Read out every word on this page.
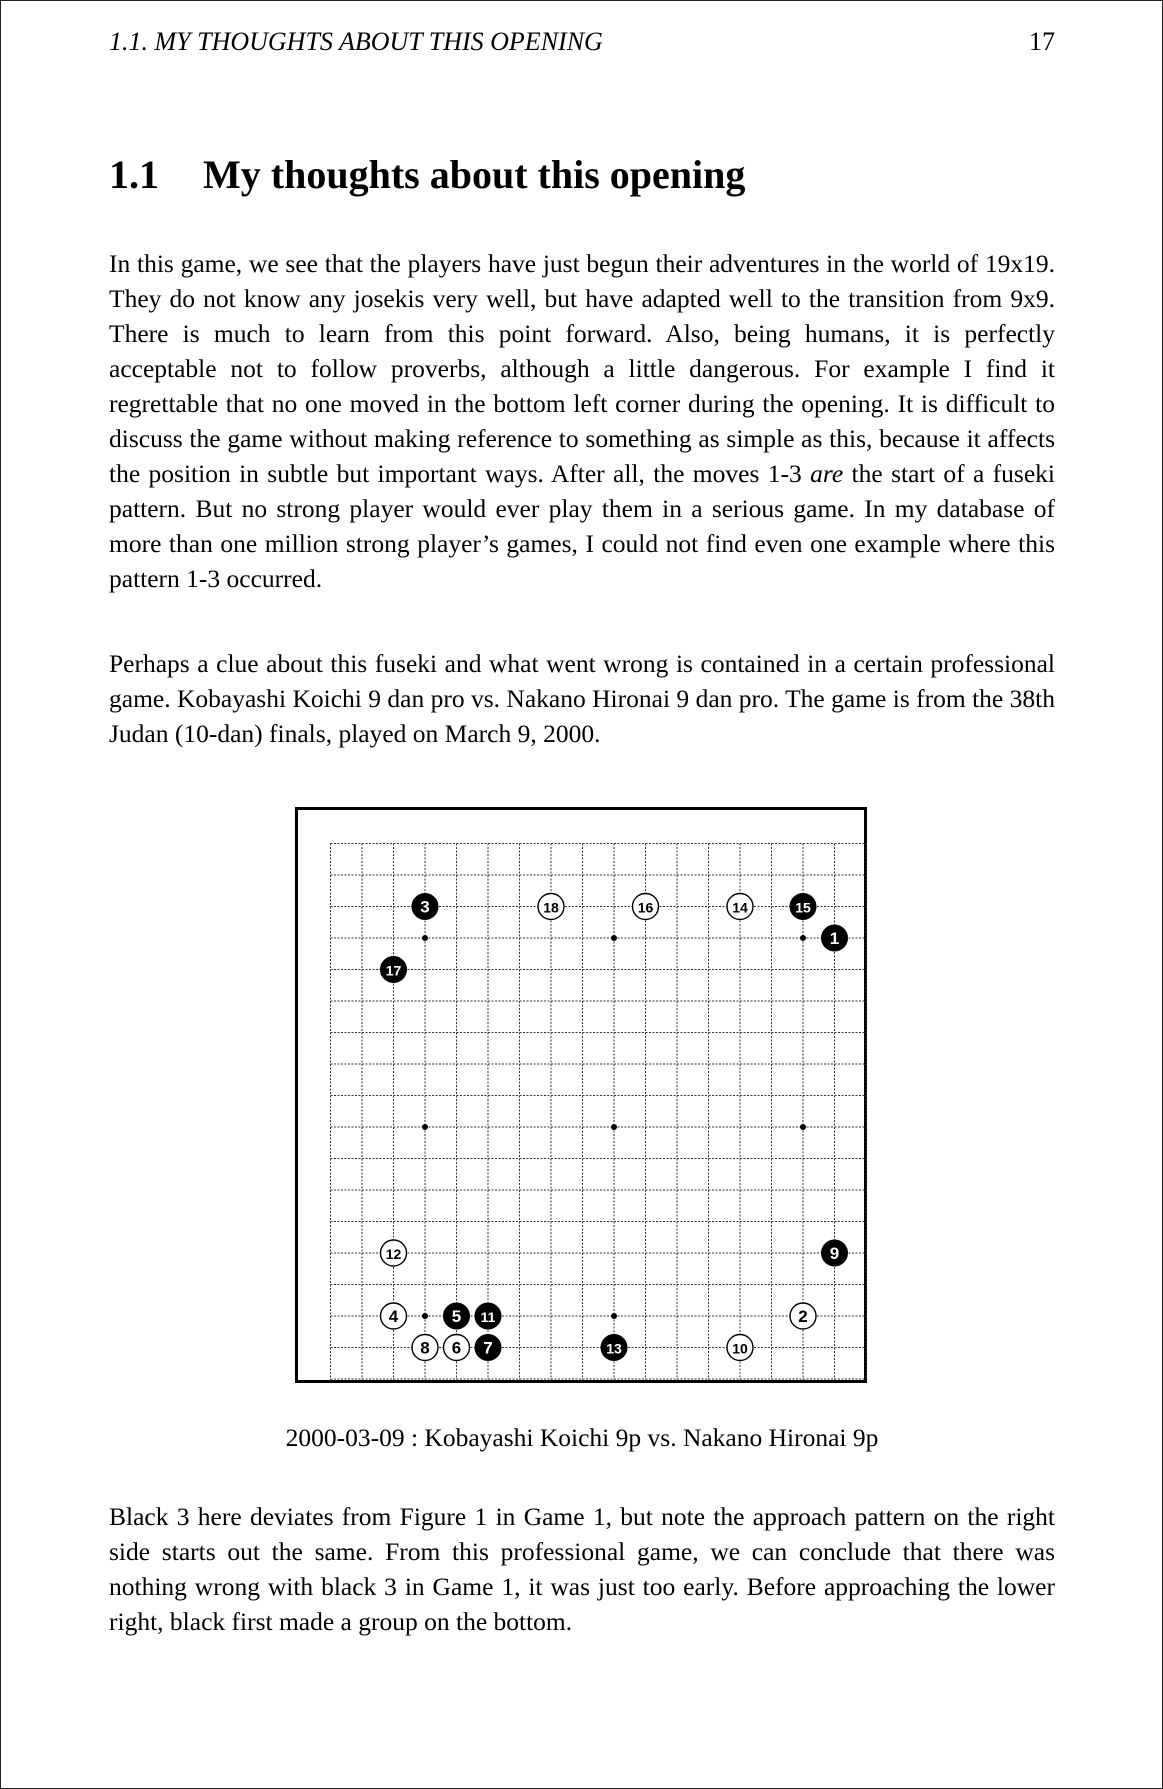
1.1. MY THOUGHTS ABOUT THIS OPENING	17
1.1 My thoughts about this opening

In this game, we see that the players have just begun their adventures in the world of 19x19. They do not know any josekis very well, but have adapted well to the transition from 9x9. There is much to learn from this point forward. Also, being humans, it is perfectly acceptable not to follow proverbs, although a little dangerous. For example I find it regrettable that no one moved in the bottom left corner during the opening. It is difficult to discuss the game without making reference to something as simple as this, because it affects the position in subtle but important ways. After all, the moves 1-3 are the start of a fuseki pattern. But no strong player would ever play them in a serious game. In my database of more than one million strong player’s games, I could not find even one example where this pattern 1-3 occurred.

Perhaps a clue about this fuseki and what went wrong is contained in a certain professional game. Kobayashi Koichi 9 dan pro vs. Nakano Hironai 9 dan pro. The game is from the 38th Judan (10-dan) finals, played on March 9, 2000.

1
2
3
4	5
6 7
8
9
10
11
12
13
14	15
16
17
18
2000-03-09 : Kobayashi Koichi 9p vs. Nakano Hironai 9p

Black 3 here deviates from Figure 1 in Game 1, but note the approach pattern on the right side starts out the same. From this professional game, we can conclude that there was nothing wrong with black 3 in Game 1, it was just too early. Before approaching the lower right, black first made a group on the bottom.
